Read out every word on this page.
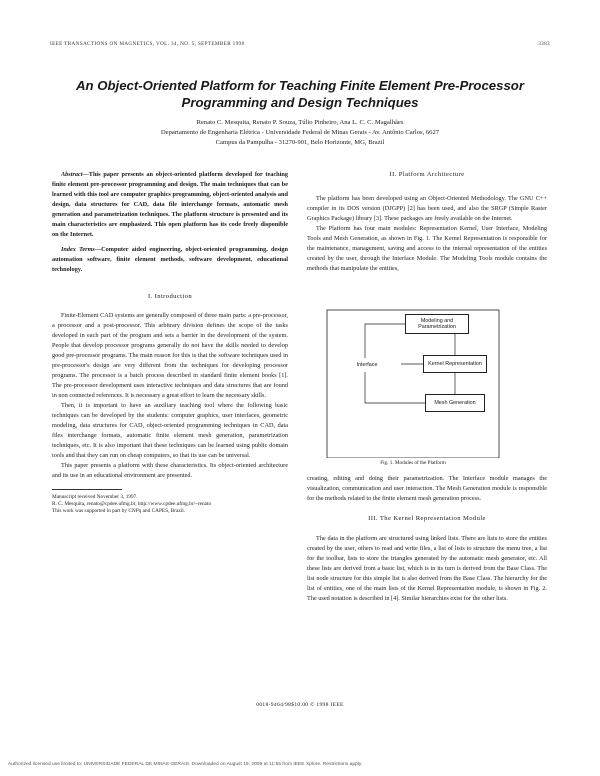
IEEE TRANSACTIONS ON MAGNETICS, VOL. 34, NO. 5, SEPTEMBER 1998	3383
An Object-Oriented Platform for Teaching Finite Element Pre-Processor
Programming and Design Techniques
Renato C. Mesquita, Renato P. Souza, Túlio Pinheiro, Ana L. C. C. Magalhães
Departamento de Engenharia Elétrica - Universidade Federal de Minas Gerais - Av. Antônio Carlos, 6627
Campus da Pampulha - 31270-901, Belo Horizonte, MG, Brazil

Abstract—This paper presents an object-oriented platform developed for teaching finite element pre-processor programming and design. The main techniques that can be learned with this tool are computer graphics programming, object-oriented analysis and design, data structures for CAD, data file interchange formats, automatic mesh generation and parametrization techniques. The platform structure is presented and its main characteristics are emphasized. This open platform has its code freely disponible on the Internet.

Index Terms—Computer aided engineering, object-oriented programming, design automation software, finite element methods, software development, educational technology.

I. Introduction

Finite-Element CAD systems are generally composed of three main parts: a pre-processor, a processor and a post-processor. This arbitrary division defines the scope of the tasks developed in each part of the program and sets a barrier in the development of the system. People that develop processor programs generally do not have the skills needed to develop good pre-processor programs. The main reason for this is that the software techniques used in pre-processor's design are very different from the techniques for developing processor programs. The processor is a batch process described in standard finite element books [1]. The pre-processor development uses interactive techniques and data structures that are found in non connected references. It is necessary a great effort to learn the necessary skills.

Then, it is important to have an auxiliary teaching tool where the following basic techniques can be developed by the students: computer graphics, user interfaces, geometric modeling, data structures for CAD, object-oriented programming techniques in CAD, data files interchange formats, automatic finite element mesh generation, parametrization techniques, etc. It is also important that these techniques can be learned using public domain tools and that they can run on cheap computers, so that its use can be universal.

This paper presents a platform with these characteristics. Its object-oriented architecture and its use in an educational environment are presented.

Manuscript received November 3, 1997.
R. C. Mesquita, renato@cpdee.ufmg.br, http://www.cpdee.ufmg.br/~renato
This work was supported in part by CNPq and CAPES, Brazil.
II. Platform Architecture

The platform has been developed using an Object-Oriented Methodology. The GNU C++ compiler in its DOS version (DJGPP) [2] has been used, and also the SRGP (Simple Raster Graphics Package) library [3]. These packages are freely available on the Internet.

The Platform has four main modules: Representation Kernel, User Interface, Modeling Tools and Mesh Generation, as shown in Fig. 1. The Kernel Representation is responsible for the maintenance, management, saving and access to the internal representation of the entities created by the user, through the Interface Module. The Modeling Tools module contains the methods that manipulate the entities,

Modeling and Parametrization
Interface	Kernel Representation
Mesh Generation
Fig. 1. Modules of the Platform

creating, editing and doing their parametrization. The Interface module manages the visualization, communication and user interaction. The Mesh Generation module is responsible for the methods related to the finite element mesh generation process.

III. The Kernel Representation Module

The data in the platform are structured using linked lists. There are lists to store the entities created by the user, others to read and write files, a list of lists to structure the menu tree, a list for the toolbar, lists to store the triangles generated by the automatic mesh generator, etc. All these lists are derived from a basic list, which is in its turn is derived from the Base Class. The list node structure for this simple list is also derived from the Base Class. The hierarchy for the list of entities, one of the main lists of the Kernel Representation module, is shown in Fig. 2. The used notation is described in [4]. Similar hierarchies exist for the other lists.

0018-9464/98$10.00 © 1998 IEEE
Authorized licensed use limited to: UNIVERSIDADE FEDERAL DE MINAS GERAIS. Downloaded on August 19, 2009 at 11:55 from IEEE Xplore. Restrictions apply.
